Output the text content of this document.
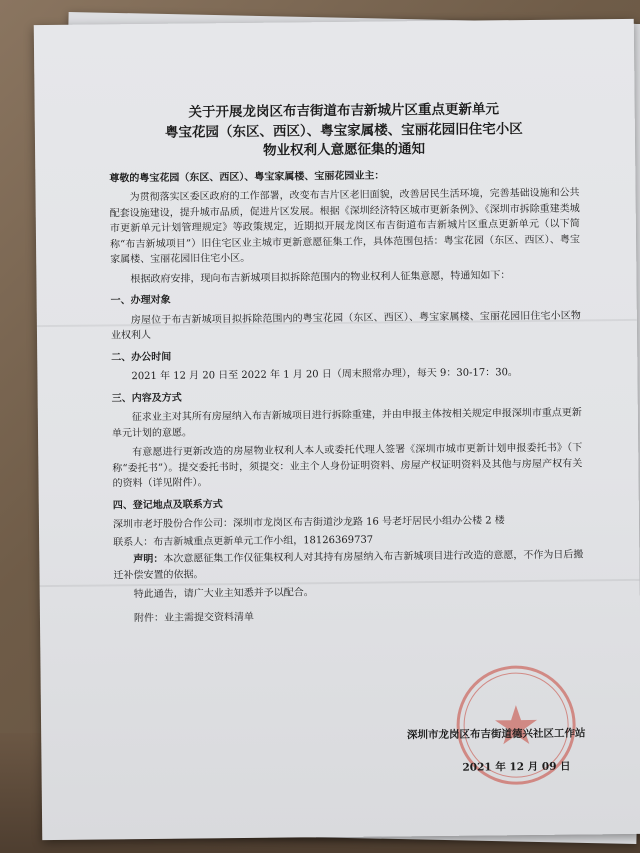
关于开展龙岗区布吉街道布吉新城片区重点更新单元
粤宝花园（东区、西区）、粤宝家属楼、宝丽花园旧住宅小区
物业权利人意愿征集的通知
尊敬的粤宝花园（东区、西区）、粤宝家属楼、宝丽花园业主：

为贯彻落实区委区政府的工作部署，改变布吉片区老旧面貌，改善居民生活环境，完善基础设施和公共配套设施建设，提升城市品质，促进片区发展。根据《深圳经济特区城市更新条例》、《深圳市拆除重建类城市更新单元计划管理规定》等政策规定，近期拟开展龙岗区布吉街道布吉新城片区重点更新单元（以下简称“布吉新城项目”）旧住宅区业主城市更新意愿征集工作，具体范围包括：粤宝花园（东区、西区）、粤宝家属楼、宝丽花园旧住宅小区。

根据政府安排，现向布吉新城项目拟拆除范围内的物业权利人征集意愿，特通知如下：

一、办理对象

房屋位于布吉新城项目拟拆除范围内的粤宝花园（东区、西区）、粤宝家属楼、宝丽花园旧住宅小区物业权利人

二、办公时间

2021 年 12 月 20 日至 2022 年 1 月 20 日（周末照常办理），每天 9：30-17：30。

三、内容及方式

征求业主对其所有房屋纳入布吉新城项目进行拆除重建，并由申报主体按相关规定申报深圳市重点更新单元计划的意愿。

有意愿进行更新改造的房屋物业权利人本人或委托代理人签署《深圳市城市更新计划申报委托书》（下称“委托书”）。提交委托书时，须提交：业主个人身份证明资料、房屋产权证明资料及其他与房屋产权有关的资料（详见附件）。

四、登记地点及联系方式

深圳市老圩股份合作公司：深圳市龙岗区布吉街道沙龙路 16 号老圩居民小组办公楼 2 楼

联系人：布吉新城重点更新单元工作小组，18126369737

声明：本次意愿征集工作仅征集权利人对其持有房屋纳入布吉新城项目进行改造的意愿，不作为日后搬迁补偿安置的依据。

特此通告，请广大业主知悉并予以配合。

附件：业主需提交资料清单

深圳市龙岗区布吉街道德兴社区工作站
2021 年 12 月 09 日
